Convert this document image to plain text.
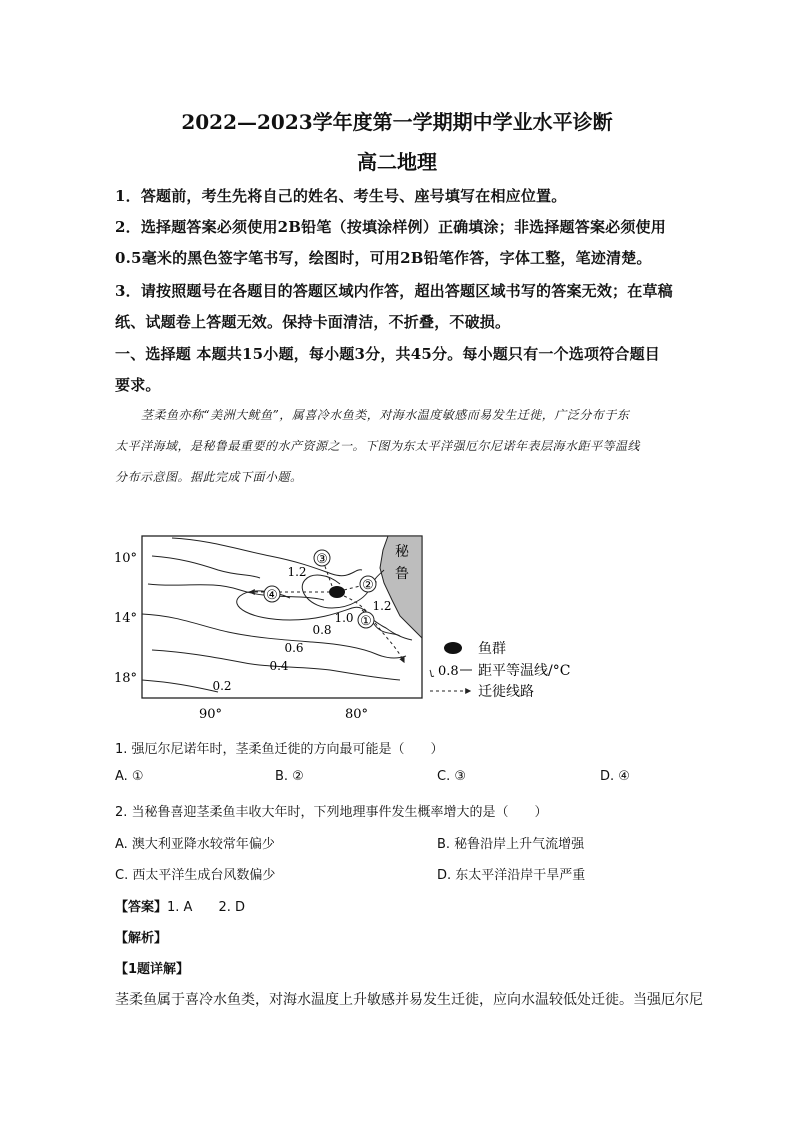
2022—2023学年度第一学期期中学业水平诊断
高二地理
1．答题前，考生先将自己的姓名、考生号、座号填写在相应位置。
2．选择题答案必须使用2B铅笔（按填涂样例）正确填涂；非选择题答案必须使用
0.5毫米的黑色签字笔书写，绘图时，可用2B铅笔作答，字体工整，笔迹清楚。
3．请按照题号在各题目的答题区域内作答，超出答题区域书写的答案无效；在草稿
纸、试题卷上答题无效。保持卡面清洁，不折叠，不破损。
一、选择题 本题共15小题，每小题3分，共45分。每小题只有一个选项符合题目
要求。
茎柔鱼亦称“美洲大鱿鱼”，属喜冷水鱼类，对海水温度敏感而易发生迁徙，广泛分布于东
太平洋海域，是秘鲁最重要的水产资源之一。下图为东太平洋强厄尔尼诺年表层海水距平等温线
分布示意图。据此完成下面小题。
秘
鲁
③
②
①
④
1.2
1.0
0.8
0.6
0.4
0.2
1.2
10°
14°
18°
90°	80°
鱼群
0.8 距平等温线/°C
迁徙线路
1. 强厄尔尼诺年时，茎柔鱼迁徙的方向最可能是（　　）
A. ①	B. ②	C. ③	D. ④
2. 当秘鲁喜迎茎柔鱼丰收大年时，下列地理事件发生概率增大的是（　　）
A. 澳大利亚降水较常年偏少	B. 秘鲁沿岸上升气流增强
C. 西太平洋生成台风数偏少	D. 东太平洋沿岸干旱严重
【答案】1. A　　2. D
【解析】
【1题详解】
茎柔鱼属于喜冷水鱼类，对海水温度上升敏感并易发生迁徙，应向水温较低处迁徙。当强厄尔尼
